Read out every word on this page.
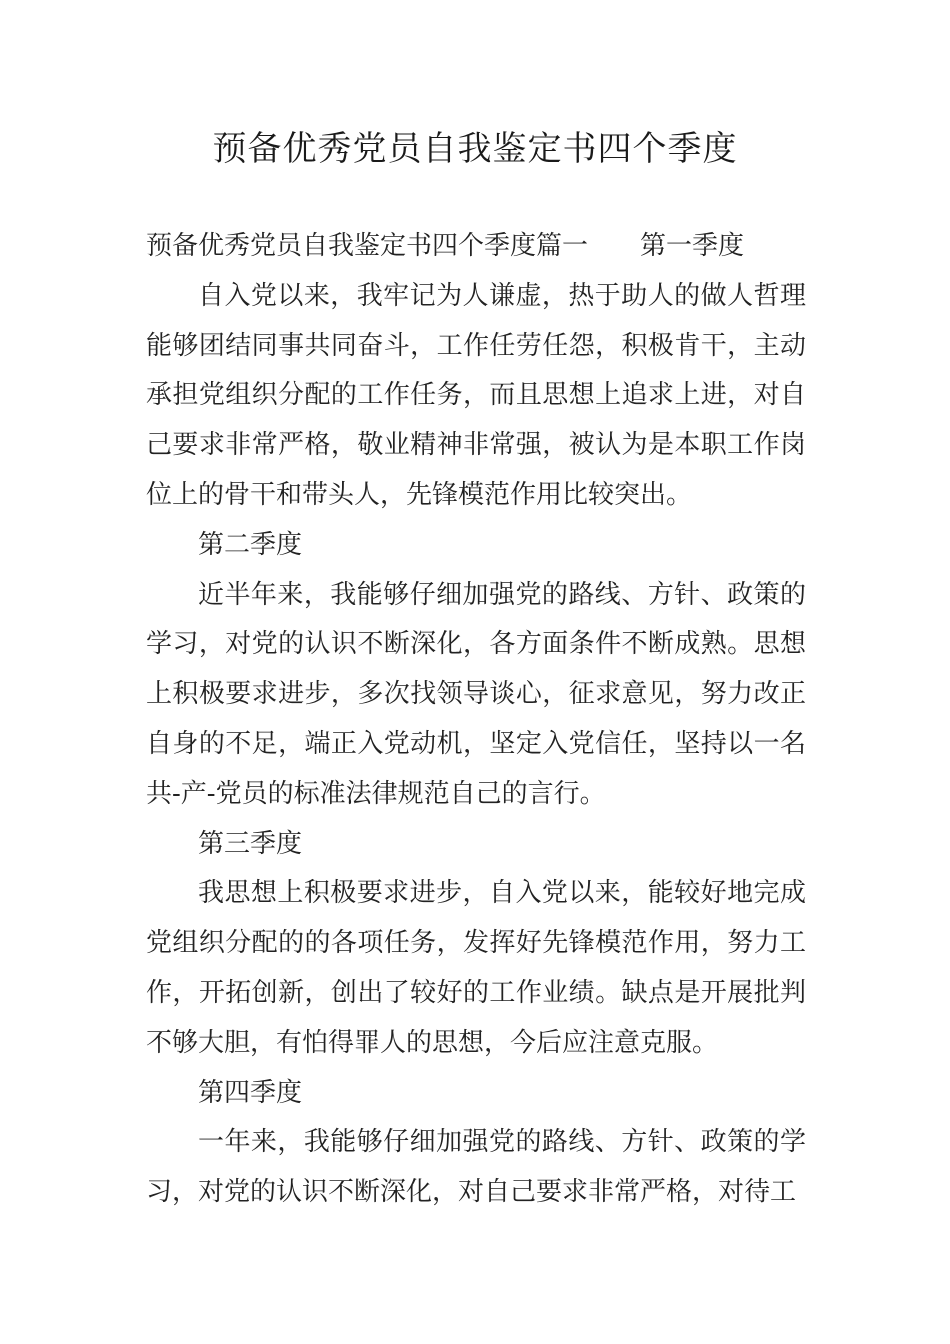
预备优秀党员自我鉴定书四个季度

预备优秀党员自我鉴定书四个季度篇一 第一季度

自入党以来，我牢记为人谦虚，热于助人的做人哲理能够团结同事共同奋斗，工作任劳任怨，积极肯干，主动承担党组织分配的工作任务，而且思想上追求上进，对自己要求非常严格，敬业精神非常强，被认为是本职工作岗位上的骨干和带头人，先锋模范作用比较突出。

第二季度

近半年来，我能够仔细加强党的路线、方针、政策的学习，对党的认识不断深化，各方面条件不断成熟。思想上积极要求进步，多次找领导谈心，征求意见，努力改正自身的不足，端正入党动机，坚定入党信任，坚持以一名共-产-党员的标准法律规范自己的言行。

第三季度

我思想上积极要求进步，自入党以来，能较好地完成党组织分配的的各项任务，发挥好先锋模范作用，努力工作，开拓创新，创出了较好的工作业绩。缺点是开展批判不够大胆，有怕得罪人的思想，今后应注意克服。

第四季度

一年来，我能够仔细加强党的路线、方针、政策的学习，对党的认识不断深化，对自己要求非常严格，对待工
